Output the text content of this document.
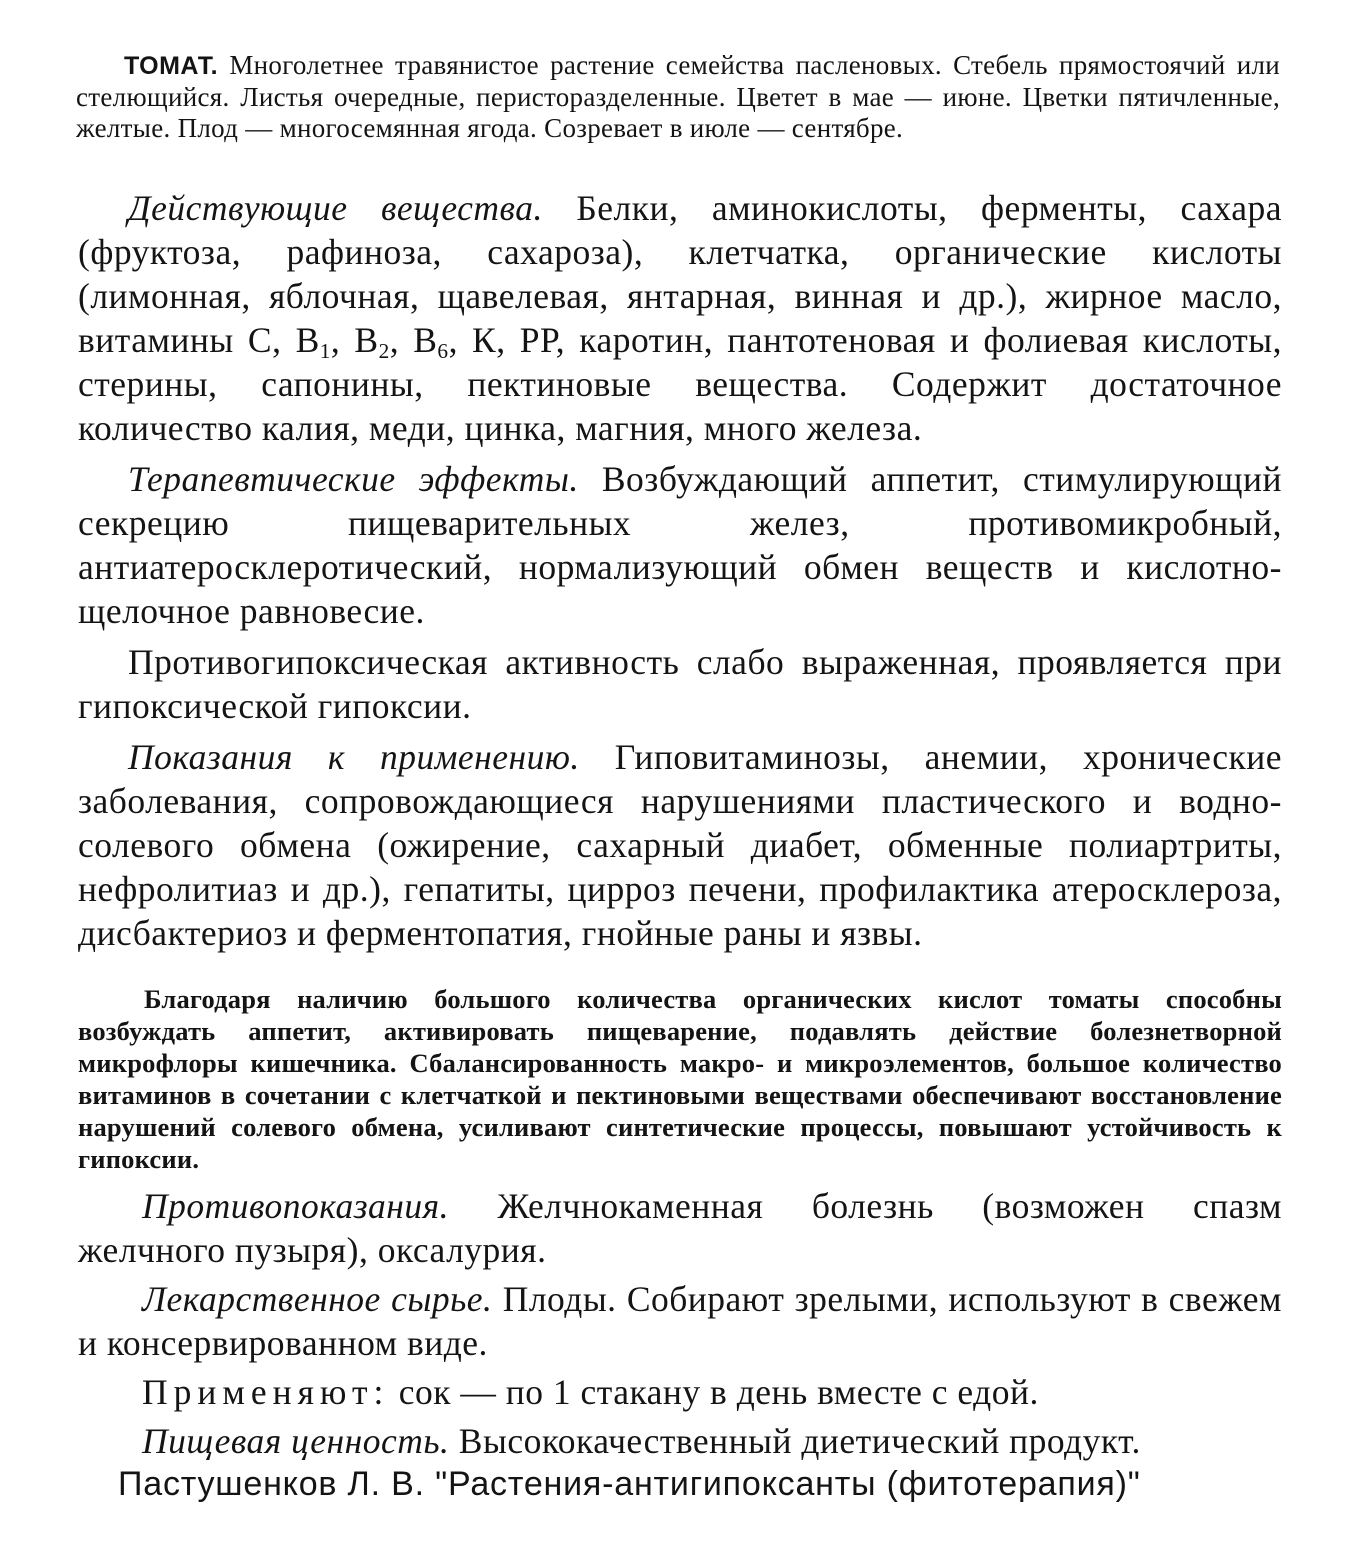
ТОМАТ. Многолетнее травянистое растение семейства пасленовых. Стебель прямостоячий или стелющийся. Листья очередные, перисторазделенные. Цветет в мае — июне. Цветки пятичленные, желтые. Плод — многосемянная ягода. Созревает в июле — сентябре.

Действующие вещества. Белки, аминокислоты, ферменты, сахара (фруктоза, рафиноза, сахароза), клетчатка, органические кислоты (лимонная, яблочная, щавелевая, янтарная, винная и др.), жирное масло, витамины С, $В_1$, $В_2$, $В_6$, К, РР, каротин, пантотеновая и фолиевая кислоты, стерины, сапонины, пектиновые вещества. Содержит достаточное количество калия, меди, цинка, магния, много железа.

Терапевтические эффекты. Возбуждающий аппетит, стимулирующий секрецию пищеварительных желез, противомикробный, антиатеросклеротический, нормализующий обмен веществ и кислотно-щелочное равновесие.

Противогипоксическая активность слабо выраженная, проявляется при гипоксической гипоксии.

Показания к применению. Гиповитаминозы, анемии, хронические заболевания, сопровождающиеся нарушениями пластического и водно-солевого обмена (ожирение, сахарный диабет, обменные полиартриты, нефролитиаз и др.), гепатиты, цирроз печени, профилактика атеросклероза, дисбактериоз и ферментопатия, гнойные раны и язвы.

Благодаря наличию большого количества органических кислот томаты способны возбуждать аппетит, активировать пищеварение, подавлять действие болезнетворной микрофлоры кишечника. Сбалансированность макро- и микроэлементов, большое количество витаминов в сочетании с клетчаткой и пектиновыми веществами обеспечивают восстановление нарушений солевого обмена, усиливают синтетические процессы, повышают устойчивость к гипоксии.

Противопоказания. Желчнокаменная болезнь (возможен спазм желчного пузыря), оксалурия.

Лекарственное сырье. Плоды. Собирают зрелыми, используют в свежем и консервированном виде.

Применяют: сок — по 1 стакану в день вместе с едой.

Пищевая ценность. Высококачественный диетический продукт.

Пастушенков Л. В. "Растения-антигипоксанты (фитотерапия)"
